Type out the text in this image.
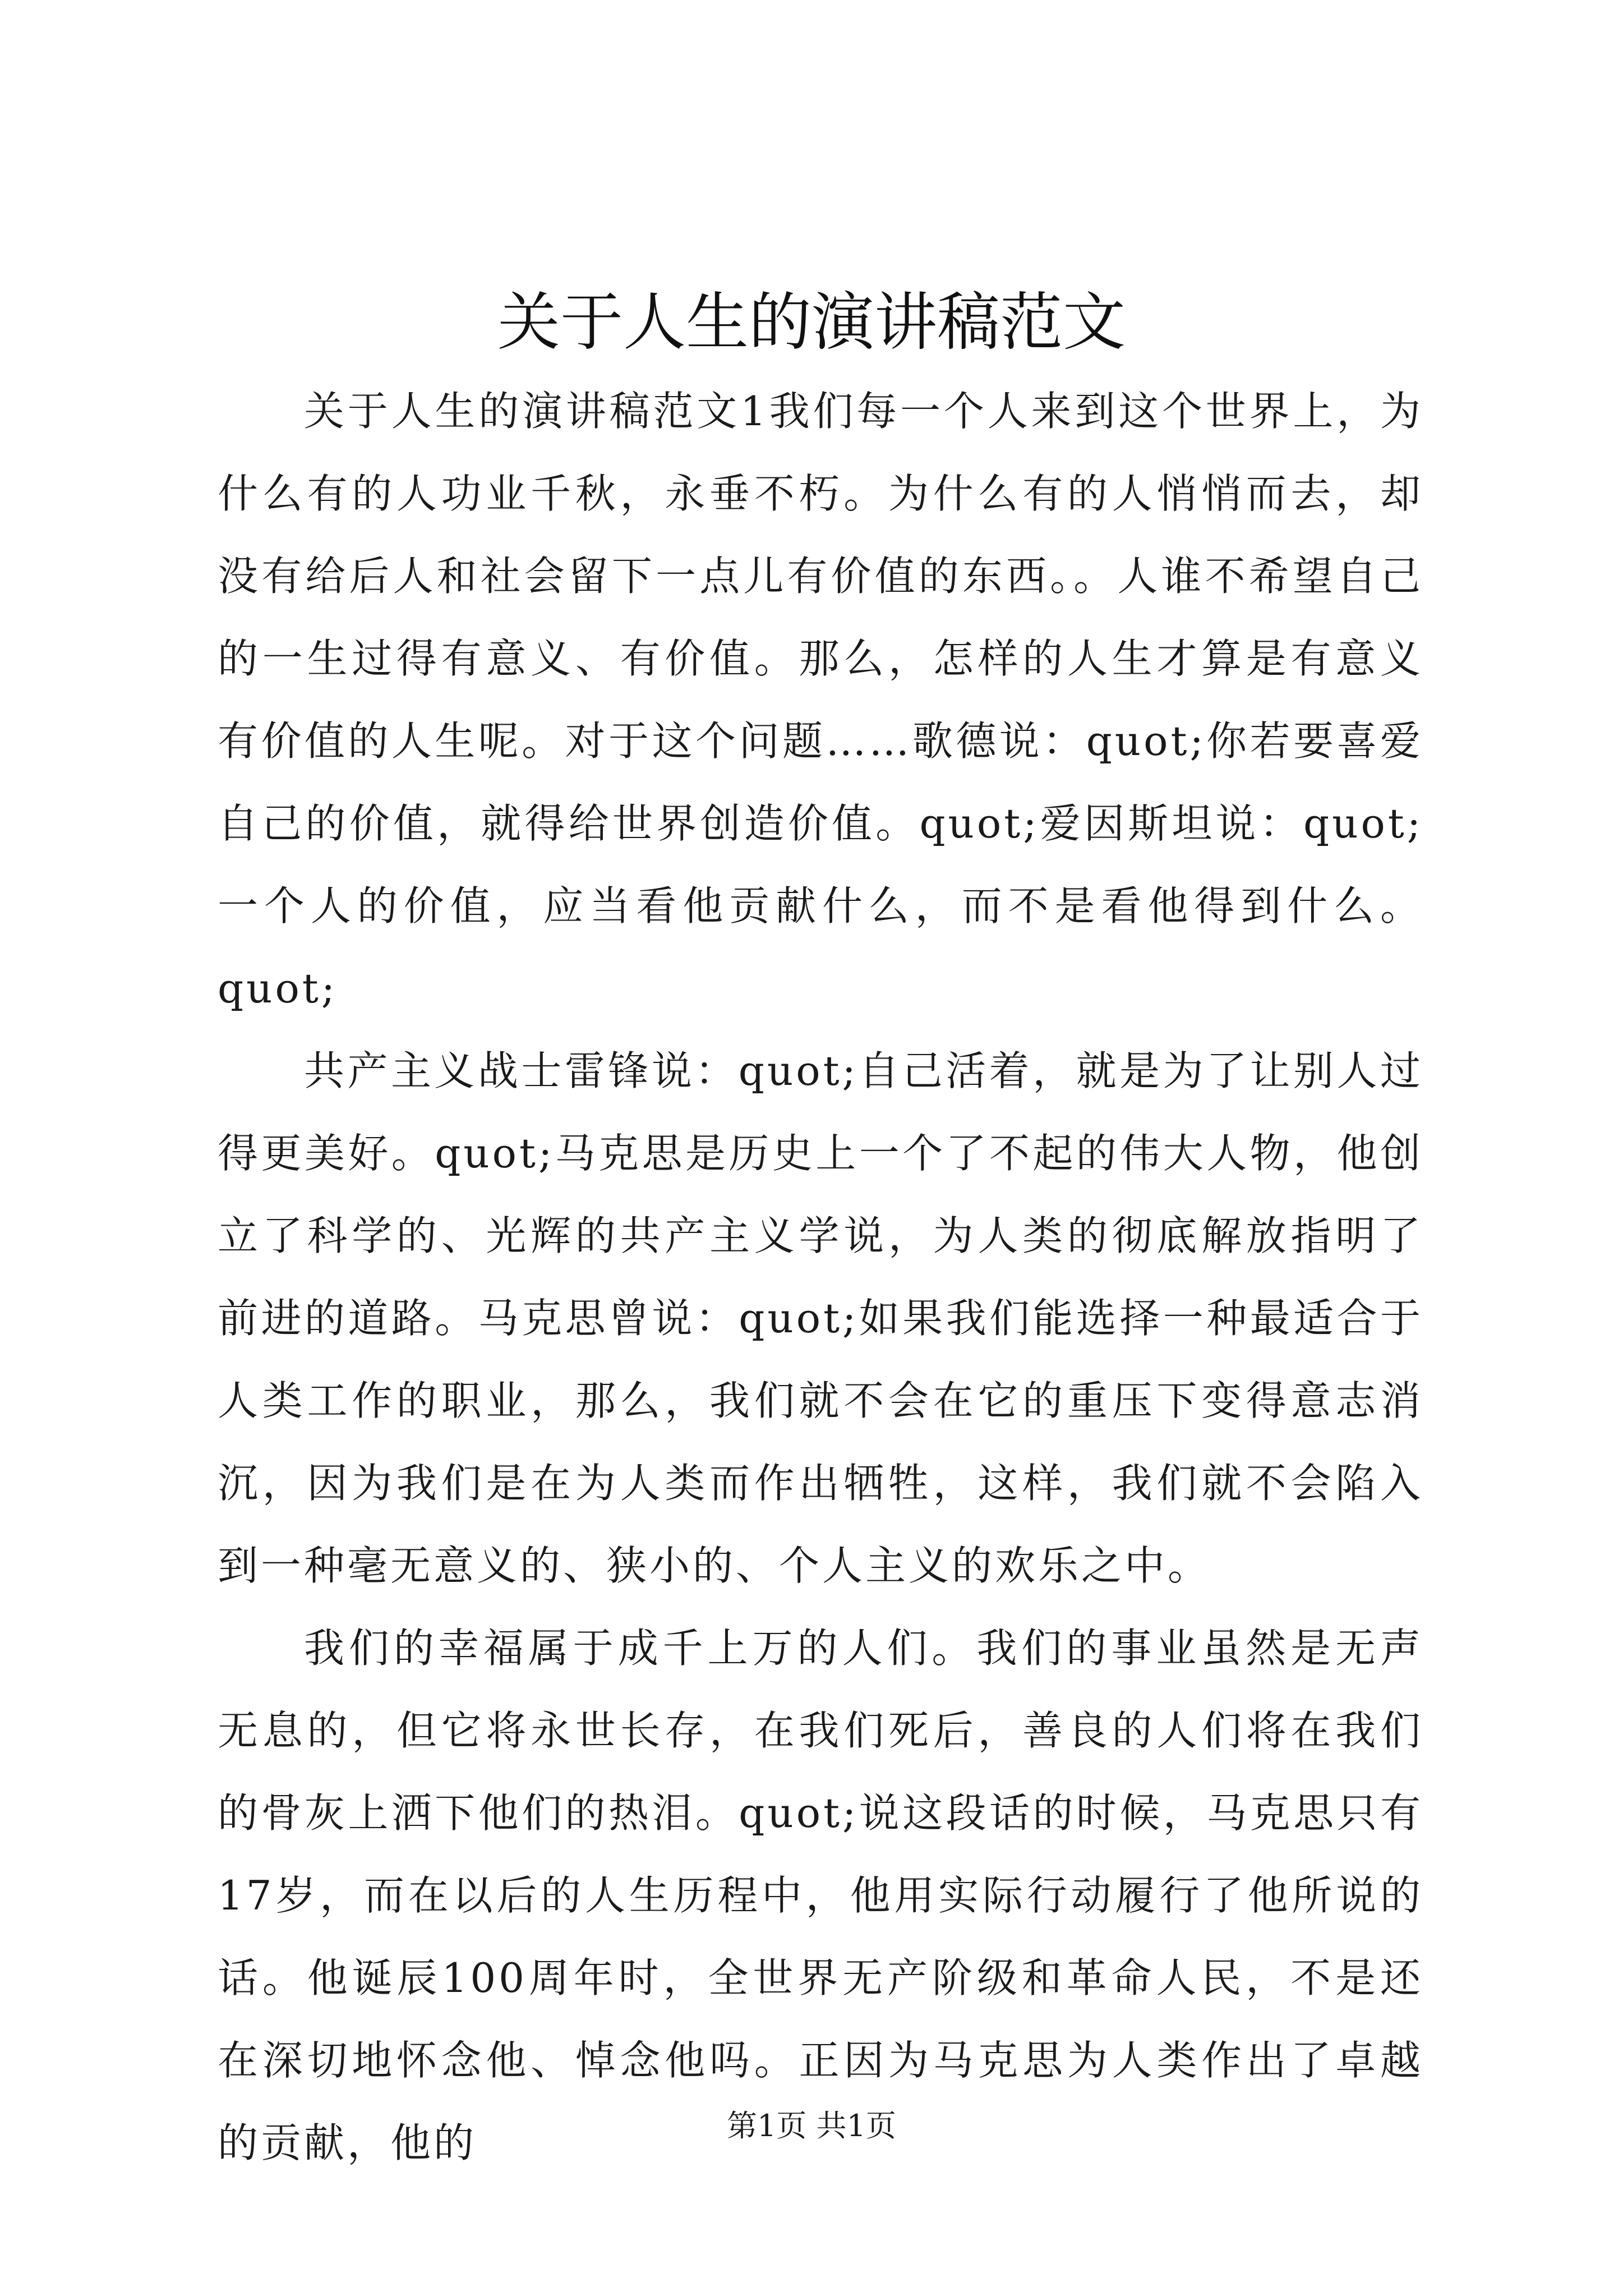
关于人生的演讲稿范文

关于人生的演讲稿范文1我们每一个人来到这个世界上，为什么有的人功业千秋，永垂不朽。为什么有的人悄悄而去，却没有给后人和社会留下一点儿有价值的东西。。人谁不希望自己的一生过得有意义、有价值。那么，怎样的人生才算是有意义有价值的人生呢。对于这个问题……歌德说：quot;你若要喜爱自己的价值，就得给世界创造价值。quot;爱因斯坦说：quot;一个人的价值，应当看他贡献什么，而不是看他得到什么。quot;

共产主义战士雷锋说：quot;自己活着，就是为了让别人过得更美好。quot;马克思是历史上一个了不起的伟大人物，他创立了科学的、光辉的共产主义学说，为人类的彻底解放指明了前进的道路。马克思曾说：quot;如果我们能选择一种最适合于人类工作的职业，那么，我们就不会在它的重压下变得意志消沉，因为我们是在为人类而作出牺牲，这样，我们就不会陷入到一种毫无意义的、狭小的、个人主义的欢乐之中。

我们的幸福属于成千上万的人们。我们的事业虽然是无声无息的，但它将永世长存，在我们死后，善良的人们将在我们的骨灰上洒下他们的热泪。quot;说这段话的时候，马克思只有17岁，而在以后的人生历程中，他用实际行动履行了他所说的话。他诞辰100周年时，全世界无产阶级和革命人民，不是还在深切地怀念他、悼念他吗。正因为马克思为人类作出了卓越的贡献，他的	第1页 共1页
